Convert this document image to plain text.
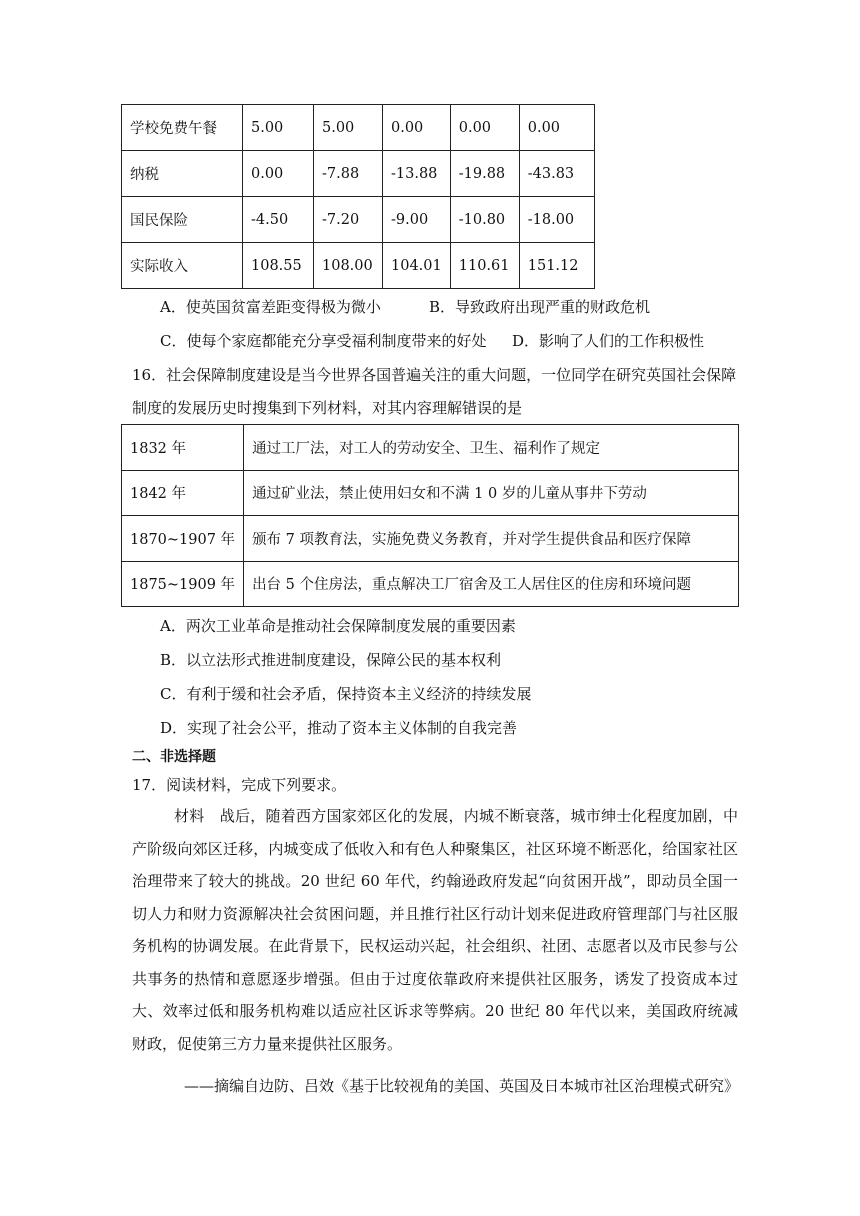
学校免费午餐	5.00	5.00	0.00	0.00	0.00
纳税	0.00	-7.88	-13.88	-19.88	-43.83
国民保险	-4.50	-7.20	-9.00	-10.80	-18.00
实际收入	108.55	108.00	104.01	110.61	151.12
A．使英国贫富差距变得极为微小	B．导致政府出现严重的财政危机
C．使每个家庭都能充分享受福利制度带来的好处 D．影响了人们的工作积极性
16．社会保障制度建设是当今世界各国普遍关注的重大问题，一位同学在研究英国社会保障
制度的发展历史时搜集到下列材料，对其内容理解错误的是
1832 年	通过工厂法，对工人的劳动安全、卫生、福利作了规定
1842 年	通过矿业法，禁止使用妇女和不满 1 0 岁的儿童从事井下劳动
1870~1907 年	颁布 7 项教育法，实施免费义务教育，并对学生提供食品和医疗保障
1875~1909 年	出台 5 个住房法，重点解决工厂宿舍及工人居住区的住房和环境问题
A．两次工业革命是推动社会保障制度发展的重要因素
B．以立法形式推进制度建设，保障公民的基本权利
C．有利于缓和社会矛盾，保持资本主义经济的持续发展
D．实现了社会公平，推动了资本主义体制的自我完善
二、非选择题
17．阅读材料，完成下列要求。
材料  战后，随着西方国家郊区化的发展，内城不断衰落，城市绅士化程度加剧，中产阶级向郊区迁移，内城变成了低收入和有色人种聚集区，社区环境不断恶化，给国家社区治理带来了较大的挑战。20 世纪 60 年代，约翰逊政府发起“向贫困开战”，即动员全国一切人力和财力资源解决社会贫困问题，并且推行社区行动计划来促进政府管理部门与社区服务机构的协调发展。在此背景下，民权运动兴起，社会组织、社团、志愿者以及市民参与公共事务的热情和意愿逐步增强。但由于过度依靠政府来提供社区服务，诱发了投资成本过大、效率过低和服务机构难以适应社区诉求等弊病。20 世纪 80 年代以来，美国政府统减财政，促使第三方力量来提供社区服务。
——摘编自边防、吕效《基于比较视角的美国、英国及日本城市社区治理模式研究》
